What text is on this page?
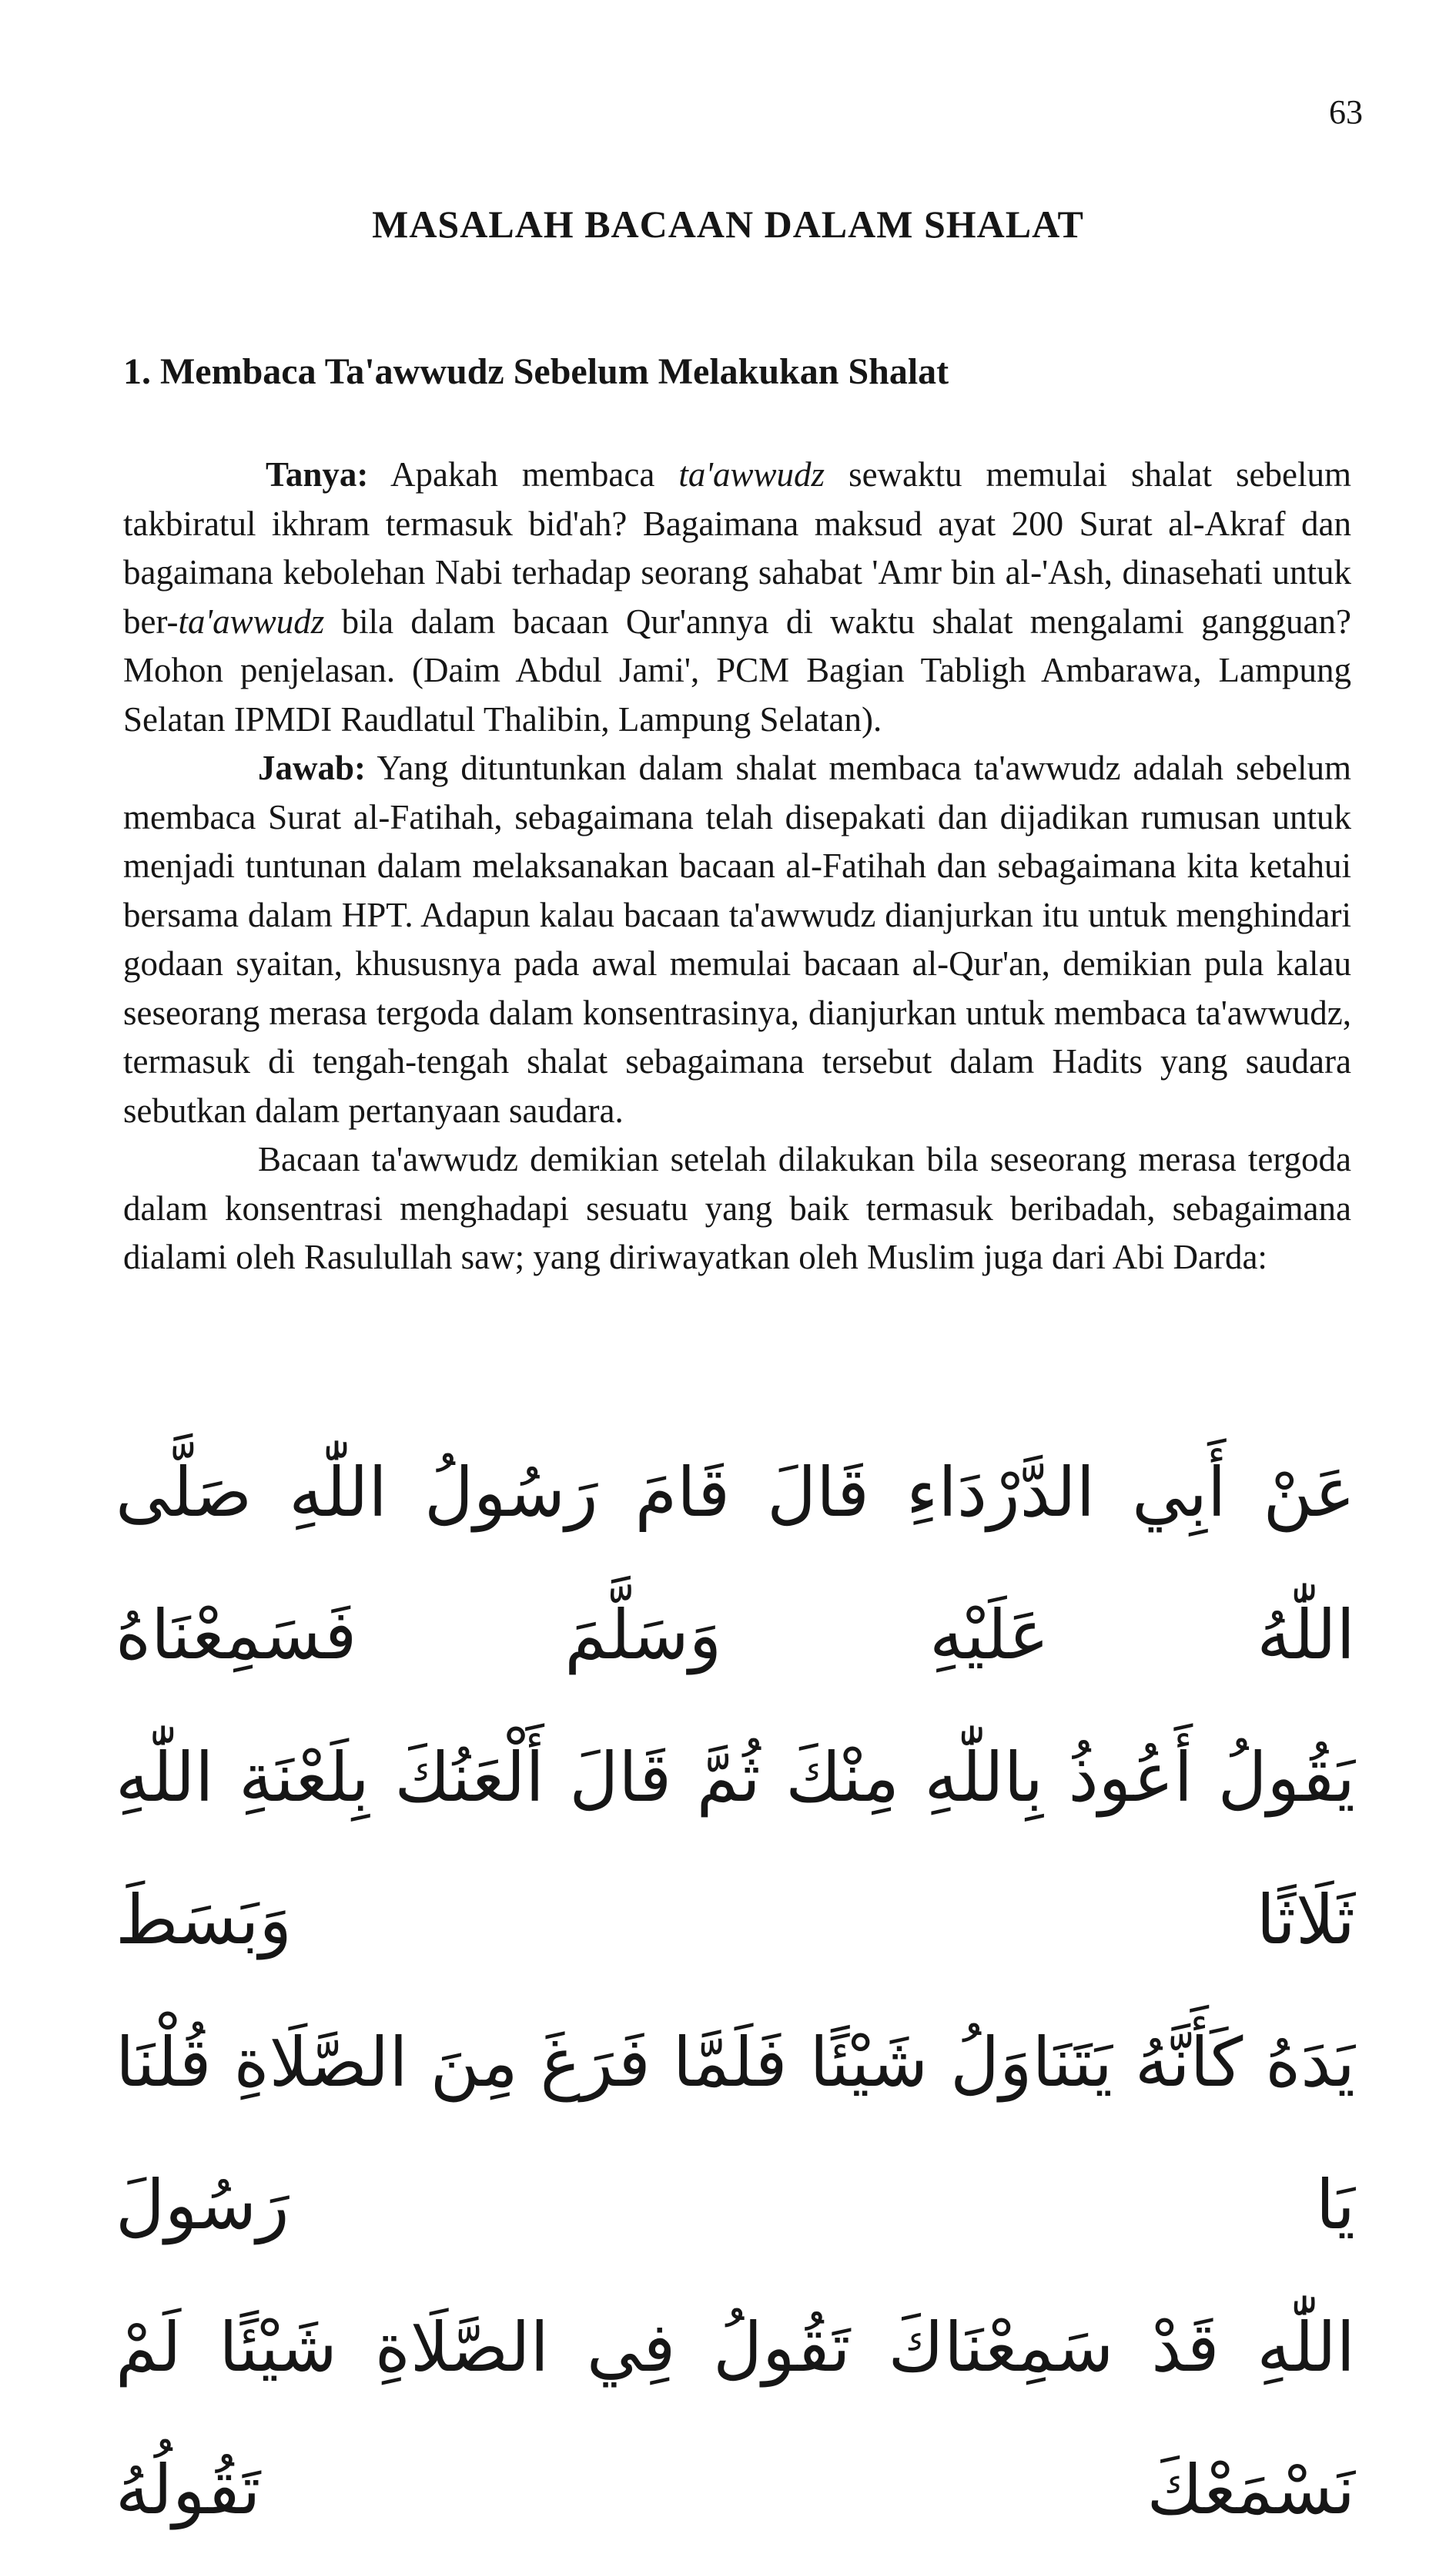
63
MASALAH BACAAN DALAM SHALAT
1. Membaca Ta'awwudz Sebelum Melakukan Shalat

Tanya: Apakah membaca ta'awwudz sewaktu memulai shalat sebelum takbiratul ikhram termasuk bid'ah? Bagaimana maksud ayat 200 Surat al-Akraf dan bagaimana kebolehan Nabi terhadap seorang sahabat 'Amr bin al-'Ash, dinasehati untuk ber-ta'awwudz bila dalam bacaan Qur'annya di waktu shalat mengalami gangguan? Mohon penjelasan. (Daim Abdul Jami', PCM Bagian Tabligh Ambarawa, Lampung Selatan IPMDI Raudlatul Thalibin, Lampung Selatan).

Jawab: Yang dituntunkan dalam shalat membaca ta'awwudz adalah sebelum membaca Surat al-Fatihah, sebagaimana telah disepakati dan dijadikan rumusan untuk menjadi tuntunan dalam melaksanakan bacaan al-Fatihah dan sebagaimana kita ketahui bersama dalam HPT. Adapun kalau bacaan ta'awwudz dianjurkan itu untuk menghindari godaan syaitan, khususnya pada awal memulai bacaan al-Qur'an, demikian pula kalau seseorang merasa tergoda dalam konsentrasinya, dianjurkan untuk membaca ta'awwudz, termasuk di tengah-tengah shalat sebagaimana tersebut dalam Hadits yang saudara sebutkan dalam pertanyaan saudara.

Bacaan ta'awwudz demikian setelah dilakukan bila seseorang merasa tergoda dalam konsentrasi menghadapi sesuatu yang baik termasuk beribadah, sebagaimana dialami oleh Rasulullah saw; yang diriwayatkan oleh Muslim juga dari Abi Darda:

عَنْ أَبِي الدَّرْدَاءِ قَالَ قَامَ رَسُولُ اللّٰهِ صَلَّى اللّٰهُ عَلَيْهِ وَسَلَّمَ فَسَمِعْنَاهُ
يَقُولُ أَعُوذُ بِاللّٰهِ مِنْكَ ثُمَّ قَالَ أَلْعَنُكَ بِلَعْنَةِ اللّٰهِ ثَلَاثًا وَبَسَطَ
يَدَهُ كَأَنَّهُ يَتَنَاوَلُ شَيْئًا فَلَمَّا فَرَغَ مِنَ الصَّلَاةِ قُلْنَا يَا رَسُولَ
اللّٰهِ قَدْ سَمِعْنَاكَ تَقُولُ فِي الصَّلَاةِ شَيْئًا لَمْ نَسْمَعْكَ تَقُولُهُ
